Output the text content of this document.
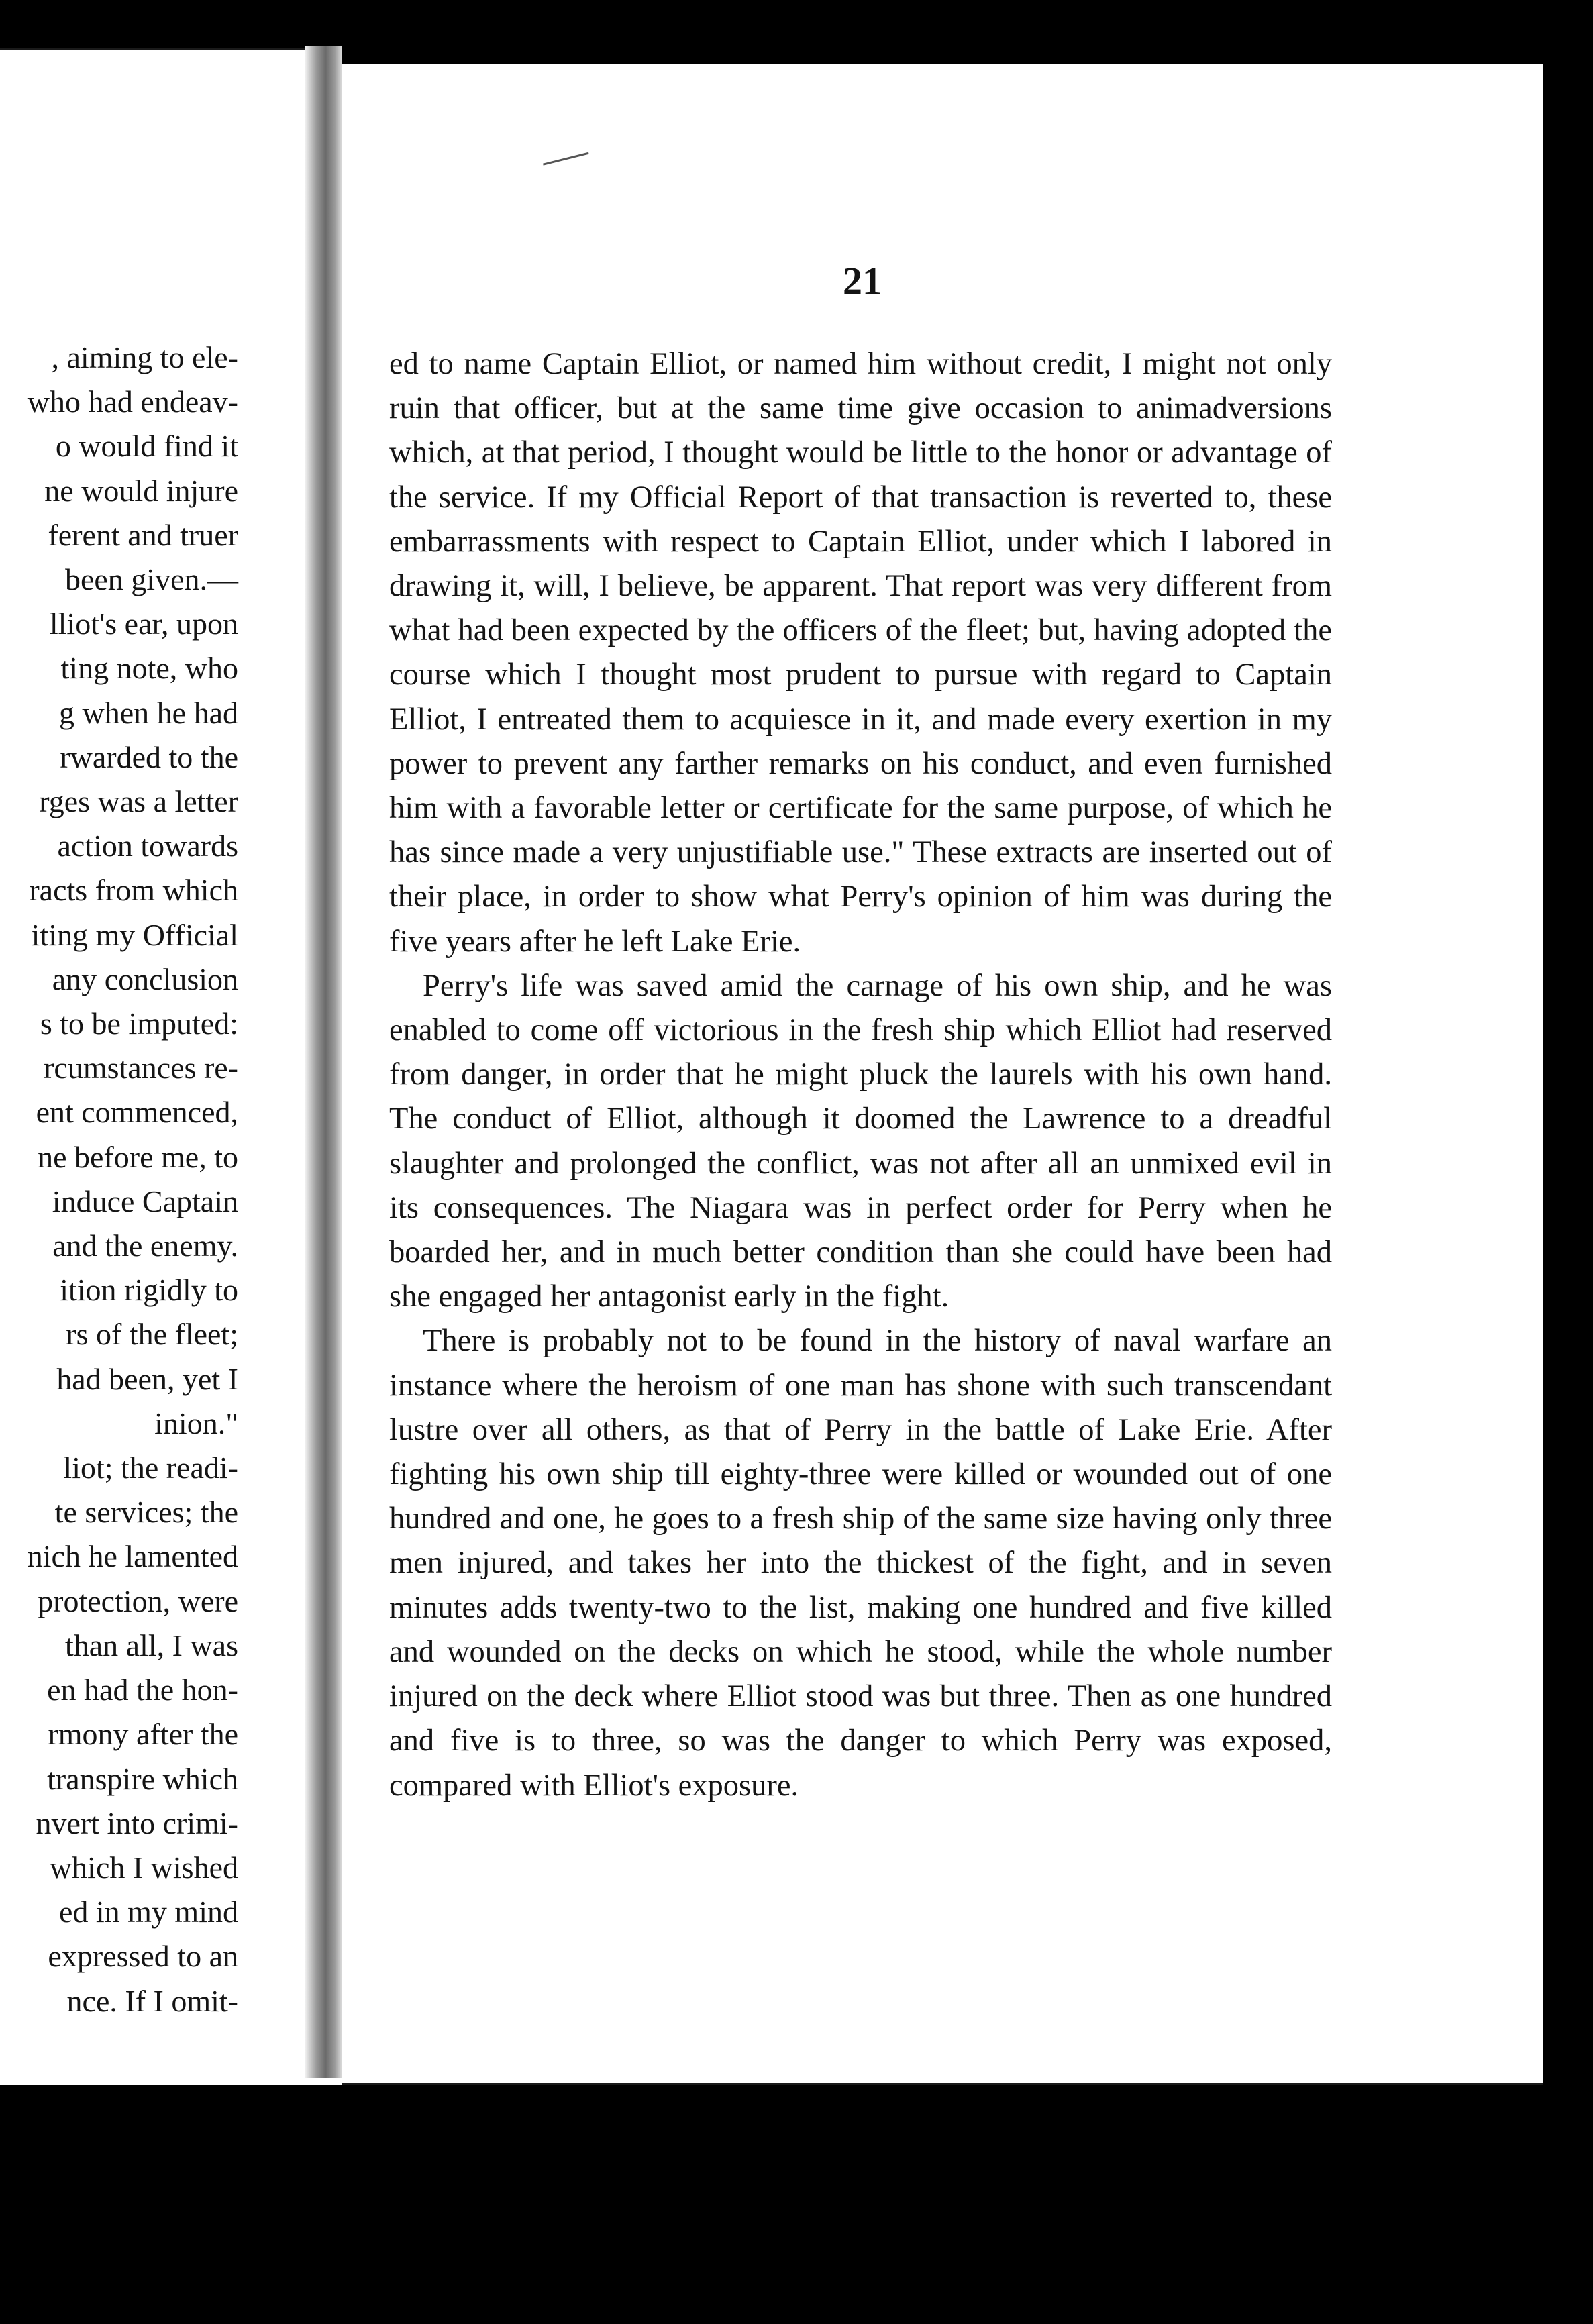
, aiming to ele-
who had endeav-
o would find it
ne would injure
ferent and truer
been given.—
lliot's ear, upon
ting note, who
g when he had
rwarded to the
rges was a letter
action towards
racts from which
iting my Official
any conclusion
s to be imputed:
rcumstances re-
ent commenced,
ne before me, to
induce Captain
and the enemy.
ition rigidly to
rs of the fleet;
had been, yet I
inion."
liot; the readi-
te services; the
nich he lamented
protection, were
than all, I was
en had the hon-
rmony after the
transpire which
nvert into crimi-
which I wished
ed in my mind
expressed to an
nce. If I omit-
21

ed to name Captain Elliot, or named him without credit, I might not only ruin that officer, but at the same time give occasion to animadversions which, at that period, I thought would be little to the honor or advantage of the service. If my Official Report of that transaction is reverted to, these embarrassments with respect to Captain Elliot, under which I labored in drawing it, will, I believe, be apparent. That report was very different from what had been expected by the officers of the fleet; but, having adopted the course which I thought most prudent to pursue with regard to Captain Elliot, I entreated them to acquiesce in it, and made every exertion in my power to prevent any farther remarks on his conduct, and even furnished him with a favorable letter or certificate for the same purpose, of which he has since made a very unjustifiable use." These extracts are inserted out of their place, in order to show what Perry's opinion of him was during the five years after he left Lake Erie.

Perry's life was saved amid the carnage of his own ship, and he was enabled to come off victorious in the fresh ship which Elliot had reserved from danger, in order that he might pluck the laurels with his own hand. The conduct of Elliot, although it doomed the Lawrence to a dreadful slaughter and prolonged the conflict, was not after all an unmixed evil in its consequences. The Niagara was in perfect order for Perry when he boarded her, and in much better condition than she could have been had she engaged her antagonist early in the fight.

There is probably not to be found in the history of naval warfare an instance where the heroism of one man has shone with such transcendant lustre over all others, as that of Perry in the battle of Lake Erie. After fighting his own ship till eighty-three were killed or wounded out of one hundred and one, he goes to a fresh ship of the same size having only three men injured, and takes her into the thickest of the fight, and in seven minutes adds twenty-two to the list, making one hundred and five killed and wounded on the decks on which he stood, while the whole number injured on the deck where Elliot stood was but three. Then as one hundred and five is to three, so was the danger to which Perry was exposed, compared with Elliot's exposure.
